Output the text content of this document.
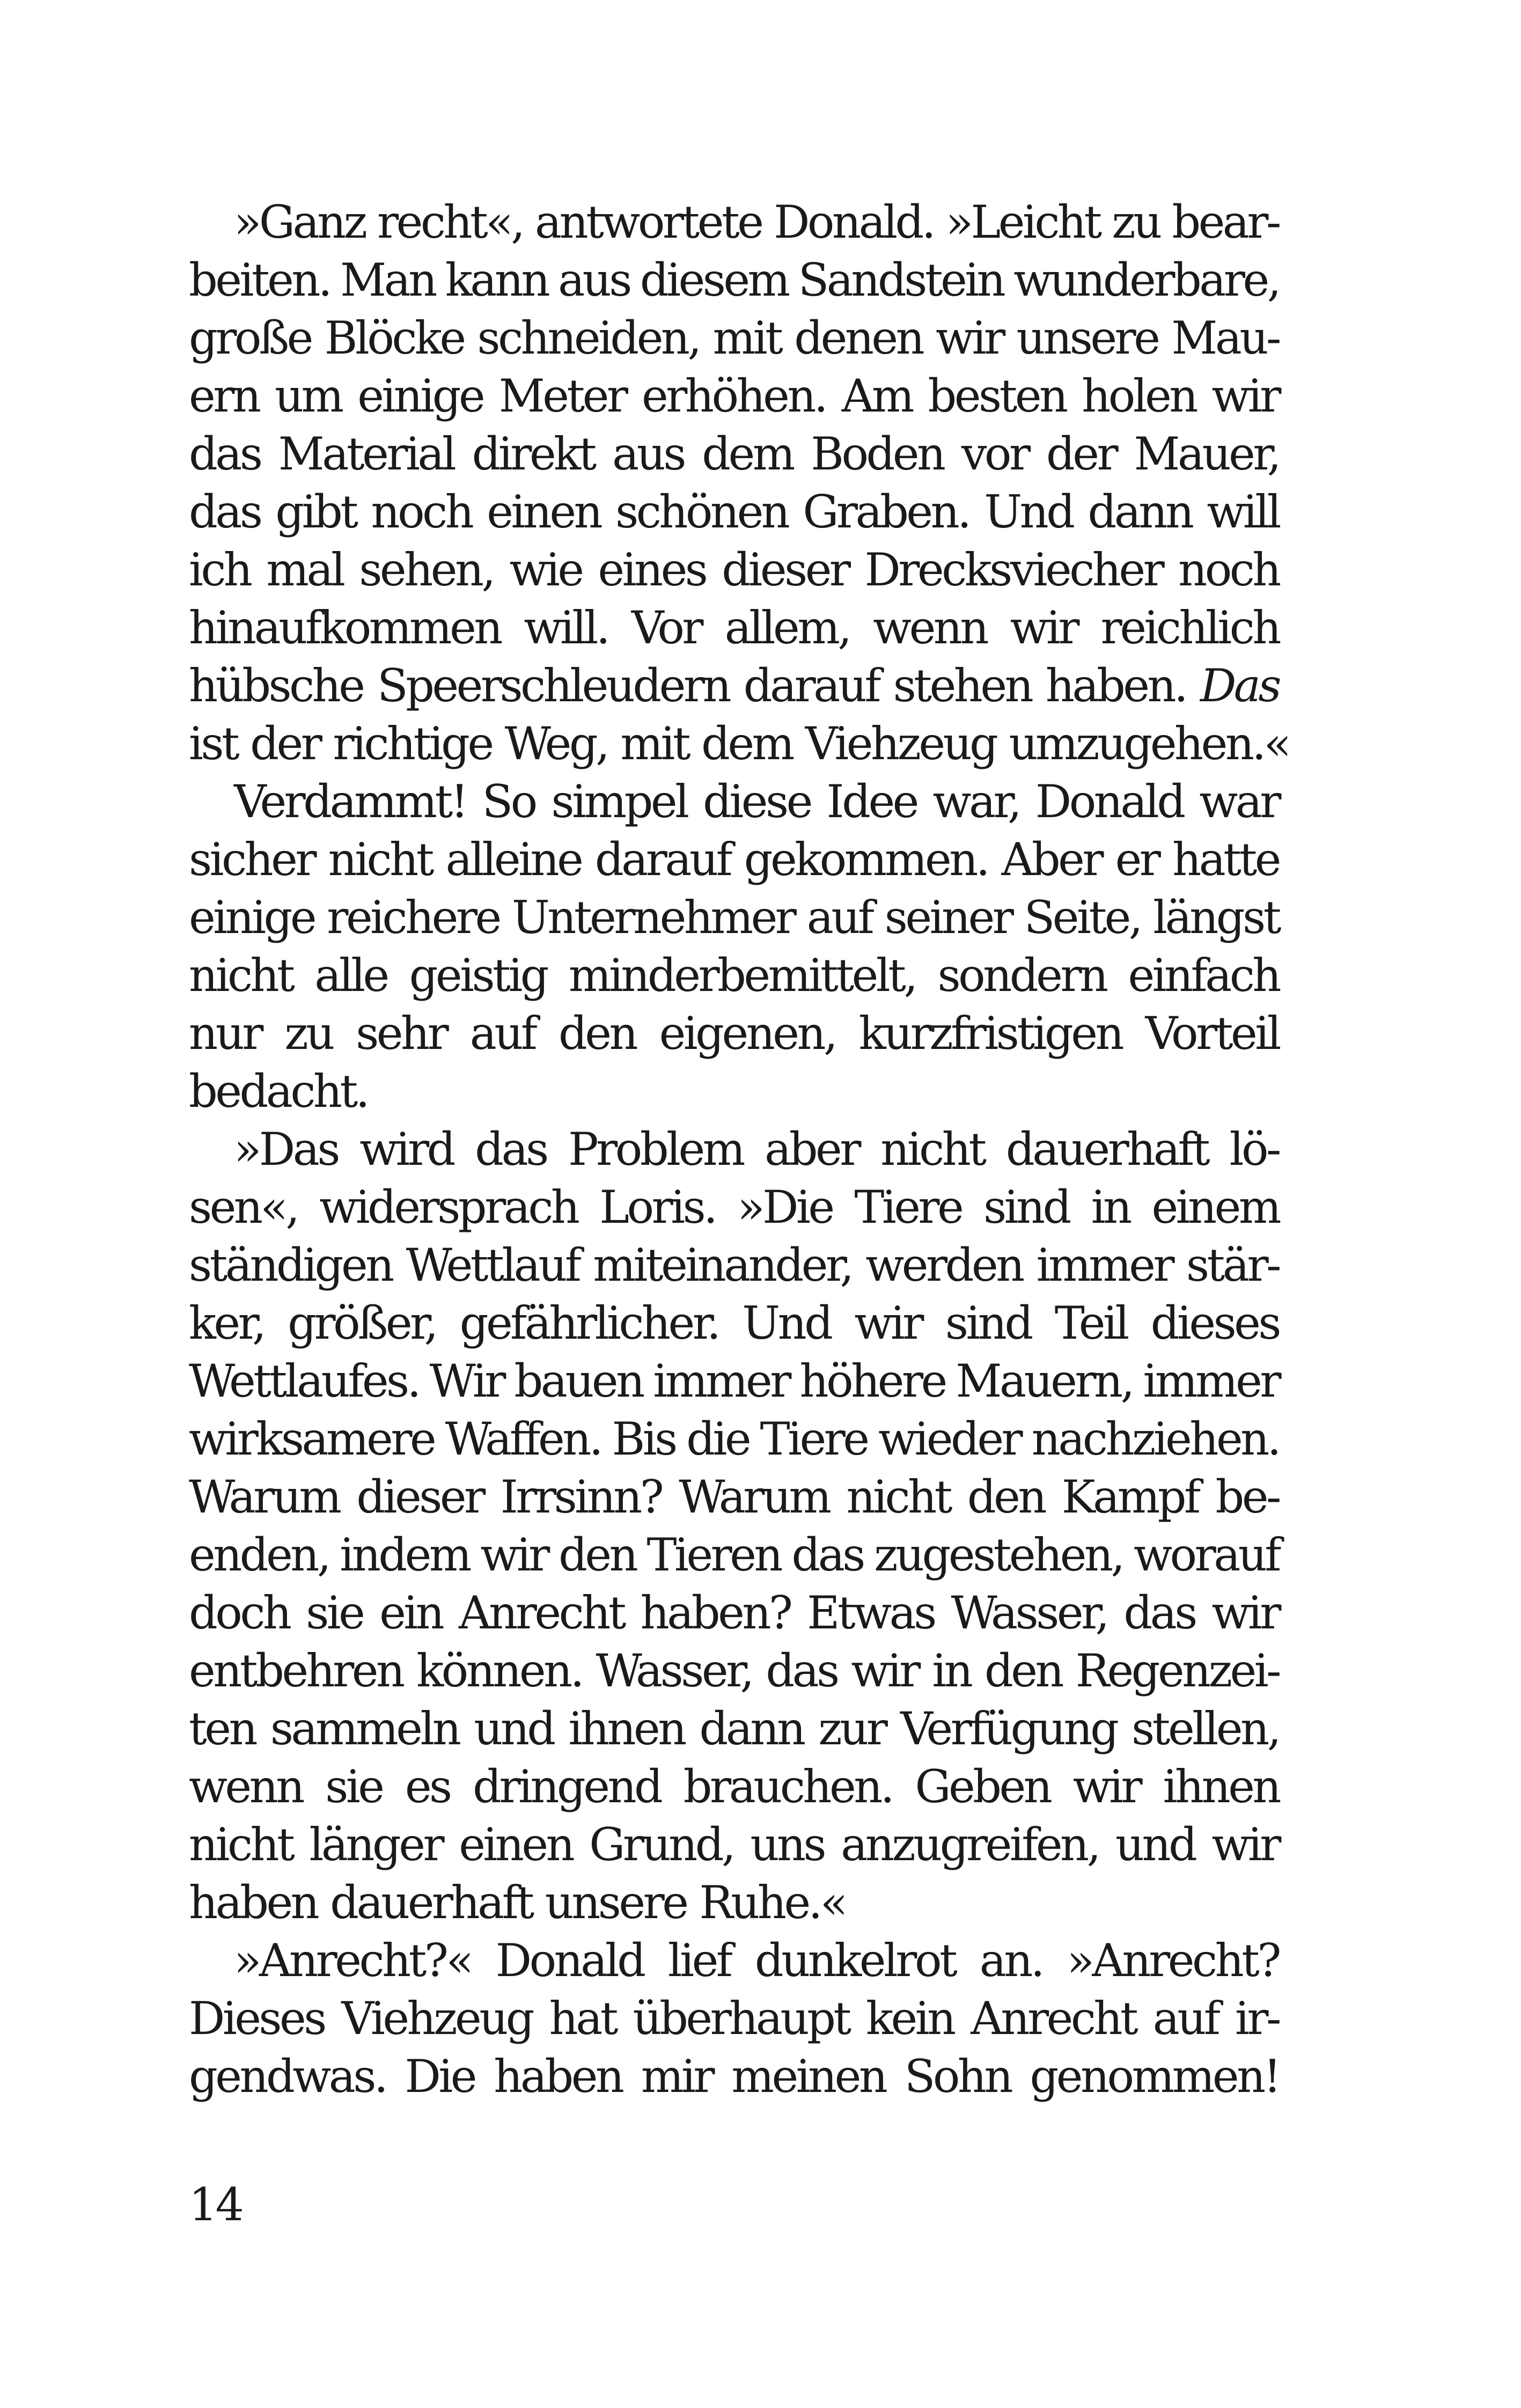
»Ganz recht«, antwortete Donald. »Leicht zu bear-
beiten. Man kann aus diesem Sandstein wunderbare,
große Blöcke schneiden, mit denen wir unsere Mau-
ern um einige Meter erhöhen. Am besten holen wir
das Material direkt aus dem Boden vor der Mauer,
das gibt noch einen schönen Graben. Und dann will
ich mal sehen, wie eines dieser Drecksviecher noch
hinaufkommen will. Vor allem, wenn wir reichlich
hübsche Speerschleudern darauf stehen haben. Das
ist der richtige Weg, mit dem Viehzeug umzugehen.«
Verdammt! So simpel diese Idee war, Donald war
sicher nicht alleine darauf gekommen. Aber er hatte
einige reichere Unternehmer auf seiner Seite, längst
nicht alle geistig minderbemittelt, sondern einfach
nur zu sehr auf den eigenen, kurzfristigen Vorteil
bedacht.
»Das wird das Problem aber nicht dauerhaft lö-
sen«, widersprach Loris. »Die Tiere sind in einem
ständigen Wettlauf miteinander, werden immer stär-
ker, größer, gefährlicher. Und wir sind Teil dieses
Wettlaufes. Wir bauen immer höhere Mauern, immer
wirksamere Waffen. Bis die Tiere wieder nachziehen.
Warum dieser Irrsinn? Warum nicht den Kampf be-
enden, indem wir den Tieren das zugestehen, worauf
doch sie ein Anrecht haben? Etwas Wasser, das wir
entbehren können. Wasser, das wir in den Regenzei-
ten sammeln und ihnen dann zur Verfügung stellen,
wenn sie es dringend brauchen. Geben wir ihnen
nicht länger einen Grund, uns anzugreifen, und wir
haben dauerhaft unsere Ruhe.«
»Anrecht?« Donald lief dunkelrot an. »Anrecht?
Dieses Viehzeug hat überhaupt kein Anrecht auf ir-
gendwas. Die haben mir meinen Sohn genommen!
14
